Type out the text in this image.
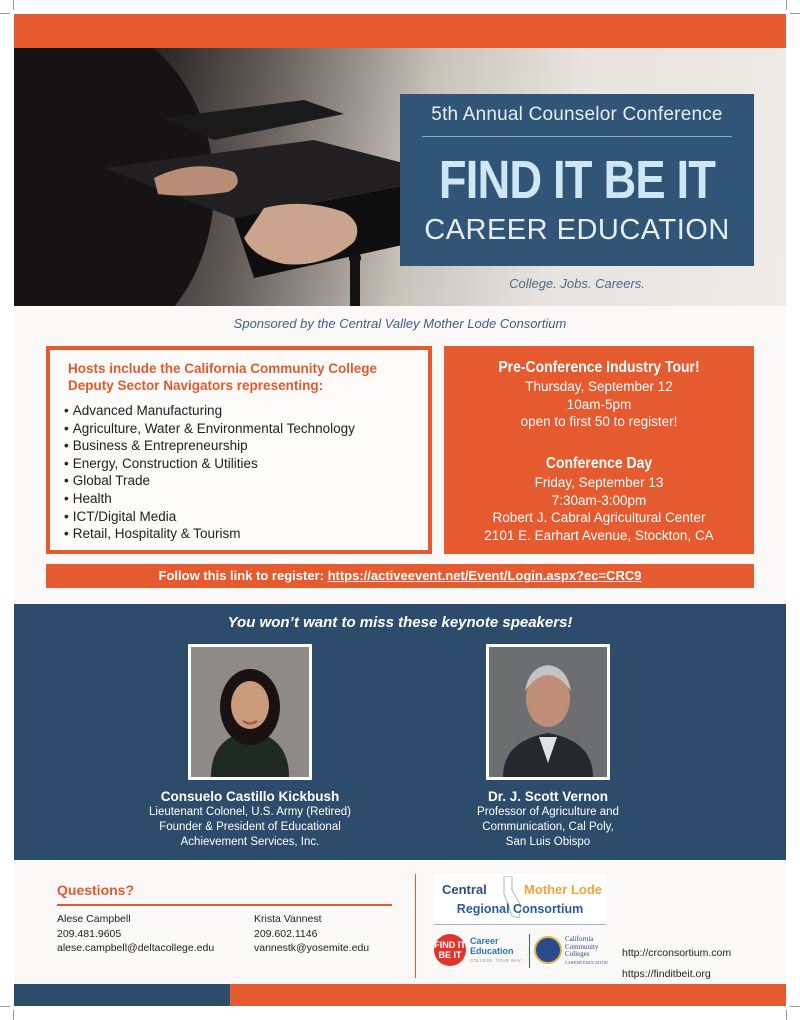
5th Annual Counselor Conference
FIND IT BE IT
CAREER EDUCATION
College. Jobs. Careers.
Sponsored by the Central Valley Mother Lode Consortium
Hosts include the California Community College Deputy Sector Navigators representing:
• Advanced Manufacturing
• Agriculture, Water & Environmental Technology
• Business & Entrepreneurship
• Energy, Construction & Utilities
• Global Trade
• Health
• ICT/Digital Media
• Retail, Hospitality & Tourism
Pre-Conference Industry Tour!
Thursday, September 12
10am-5pm
open to first 50 to register!
Conference Day
Friday, September 13
7:30am-3:00pm
Robert J. Cabral Agricultural Center
2101 E. Earhart Avenue, Stockton, CA
Follow this link to register: https://activeevent.net/Event/Login.aspx?ec=CRC9
You won’t want to miss these keynote speakers!
Consuelo Castillo Kickbush
Lieutenant Colonel, U.S. Army (Retired)
Founder & President of Educational
Achievement Services, Inc.
Dr. J. Scott Vernon
Professor of Agriculture and
Communication, Cal Poly,
San Luis Obispo
Questions?
Alese Campbell
209.481.9605
alese.campbell@deltacollege.edu
Krista Vannest
209.602.1146
vannestk@yosemite.edu
Central	Mother Lode
Regional Consortium
FIND IT BE IT
Career
Education
COLLEGE. YOUR WAY.
California
Community
Colleges
CAREER EDUCATION
http://crconsortium.com
https://finditbeit.org
